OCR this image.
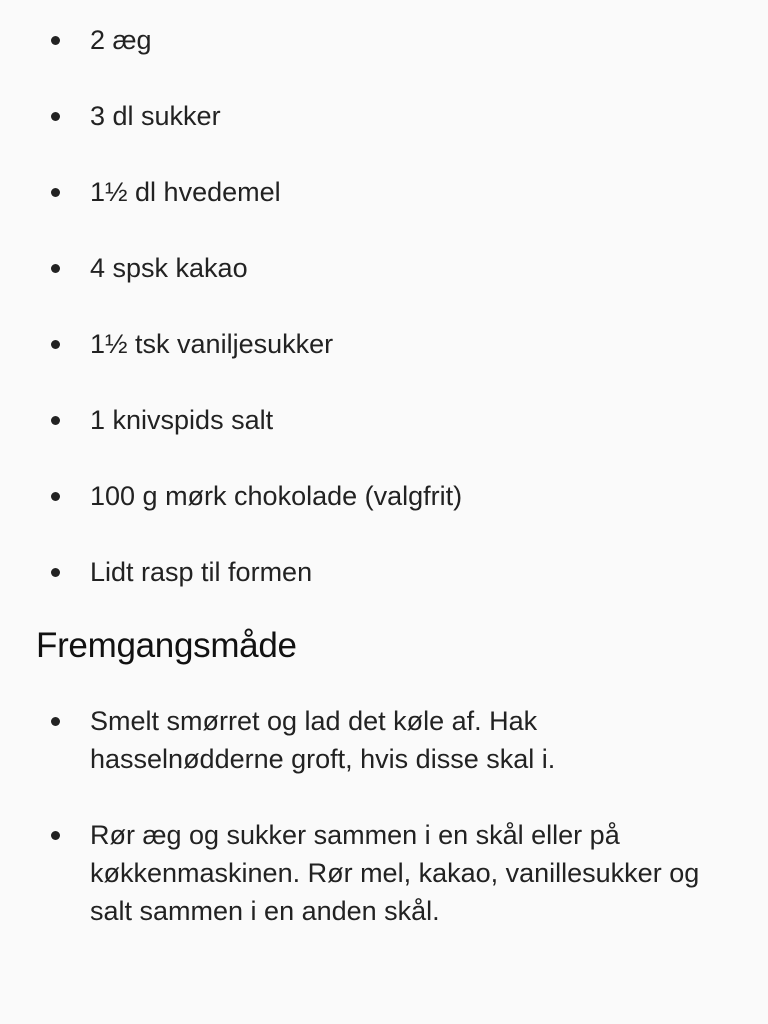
2 æg
3 dl sukker
1½ dl hvedemel
4 spsk kakao
1½ tsk vaniljesukker
1 knivspids salt
100 g mørk chokolade (valgfrit)
Lidt rasp til formen
Fremgangsmåde
Smelt smørret og lad det køle af. Hak hasselnødderne groft, hvis disse skal i.
Rør æg og sukker sammen i en skål eller på køkkenmaskinen. Rør mel, kakao, vanillesukker og salt sammen i en anden skål.
